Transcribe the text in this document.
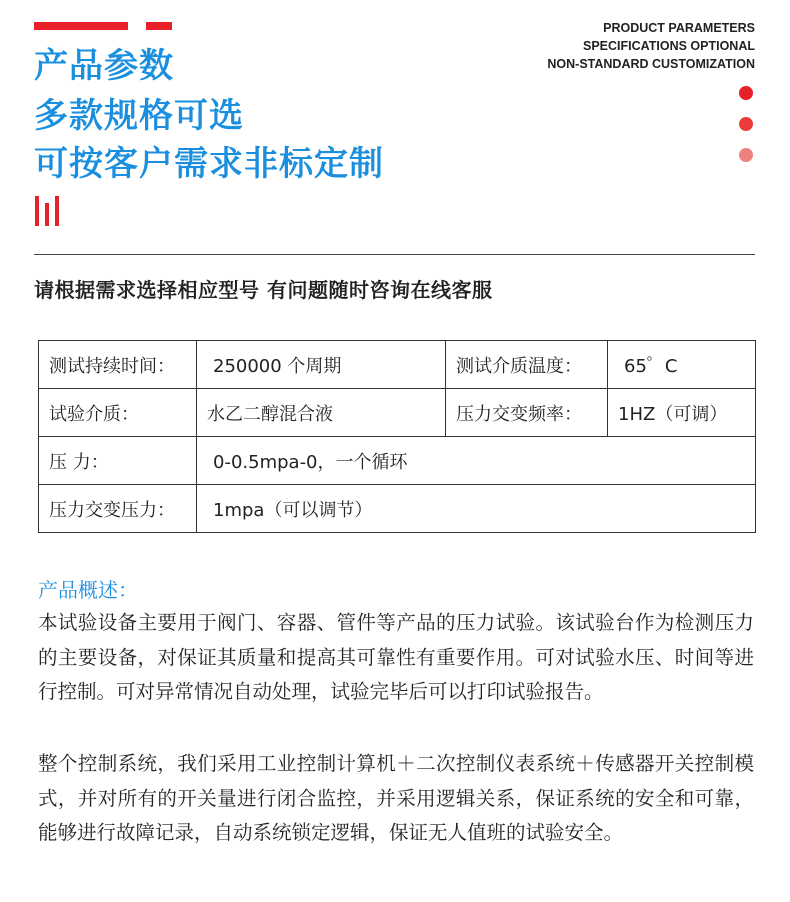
产品参数
多款规格可选
可按客户需求非标定制
PRODUCT PARAMETERS
SPECIFICATIONS OPTIONAL
NON-STANDARD CUSTOMIZATION
请根据需求选择相应型号 有问题随时咨询在线客服
测试持续时间：	250000 个周期	测试介质温度：	65゜C
试验介质：	水乙二醇混合液	压力交变频率：	1HZ（可调）
压 力：	0-0.5mpa-0，一个循环		
压力交变压力：	1mpa（可以调节）		
产品概述：
本试验设备主要用于阀门、容器、管件等产品的压力试验。该试验台作为检测压力的主要设备，对保证其质量和提高其可靠性有重要作用。可对试验水压、时间等进行控制。可对异常情况自动处理，试验完毕后可以打印试验报告。
整个控制系统，我们采用工业控制计算机＋二次控制仪表系统＋传感器开关控制模式，并对所有的开关量进行闭合监控，并采用逻辑关系，保证系统的安全和可靠，能够进行故障记录，自动系统锁定逻辑，保证无人值班的试验安全。
